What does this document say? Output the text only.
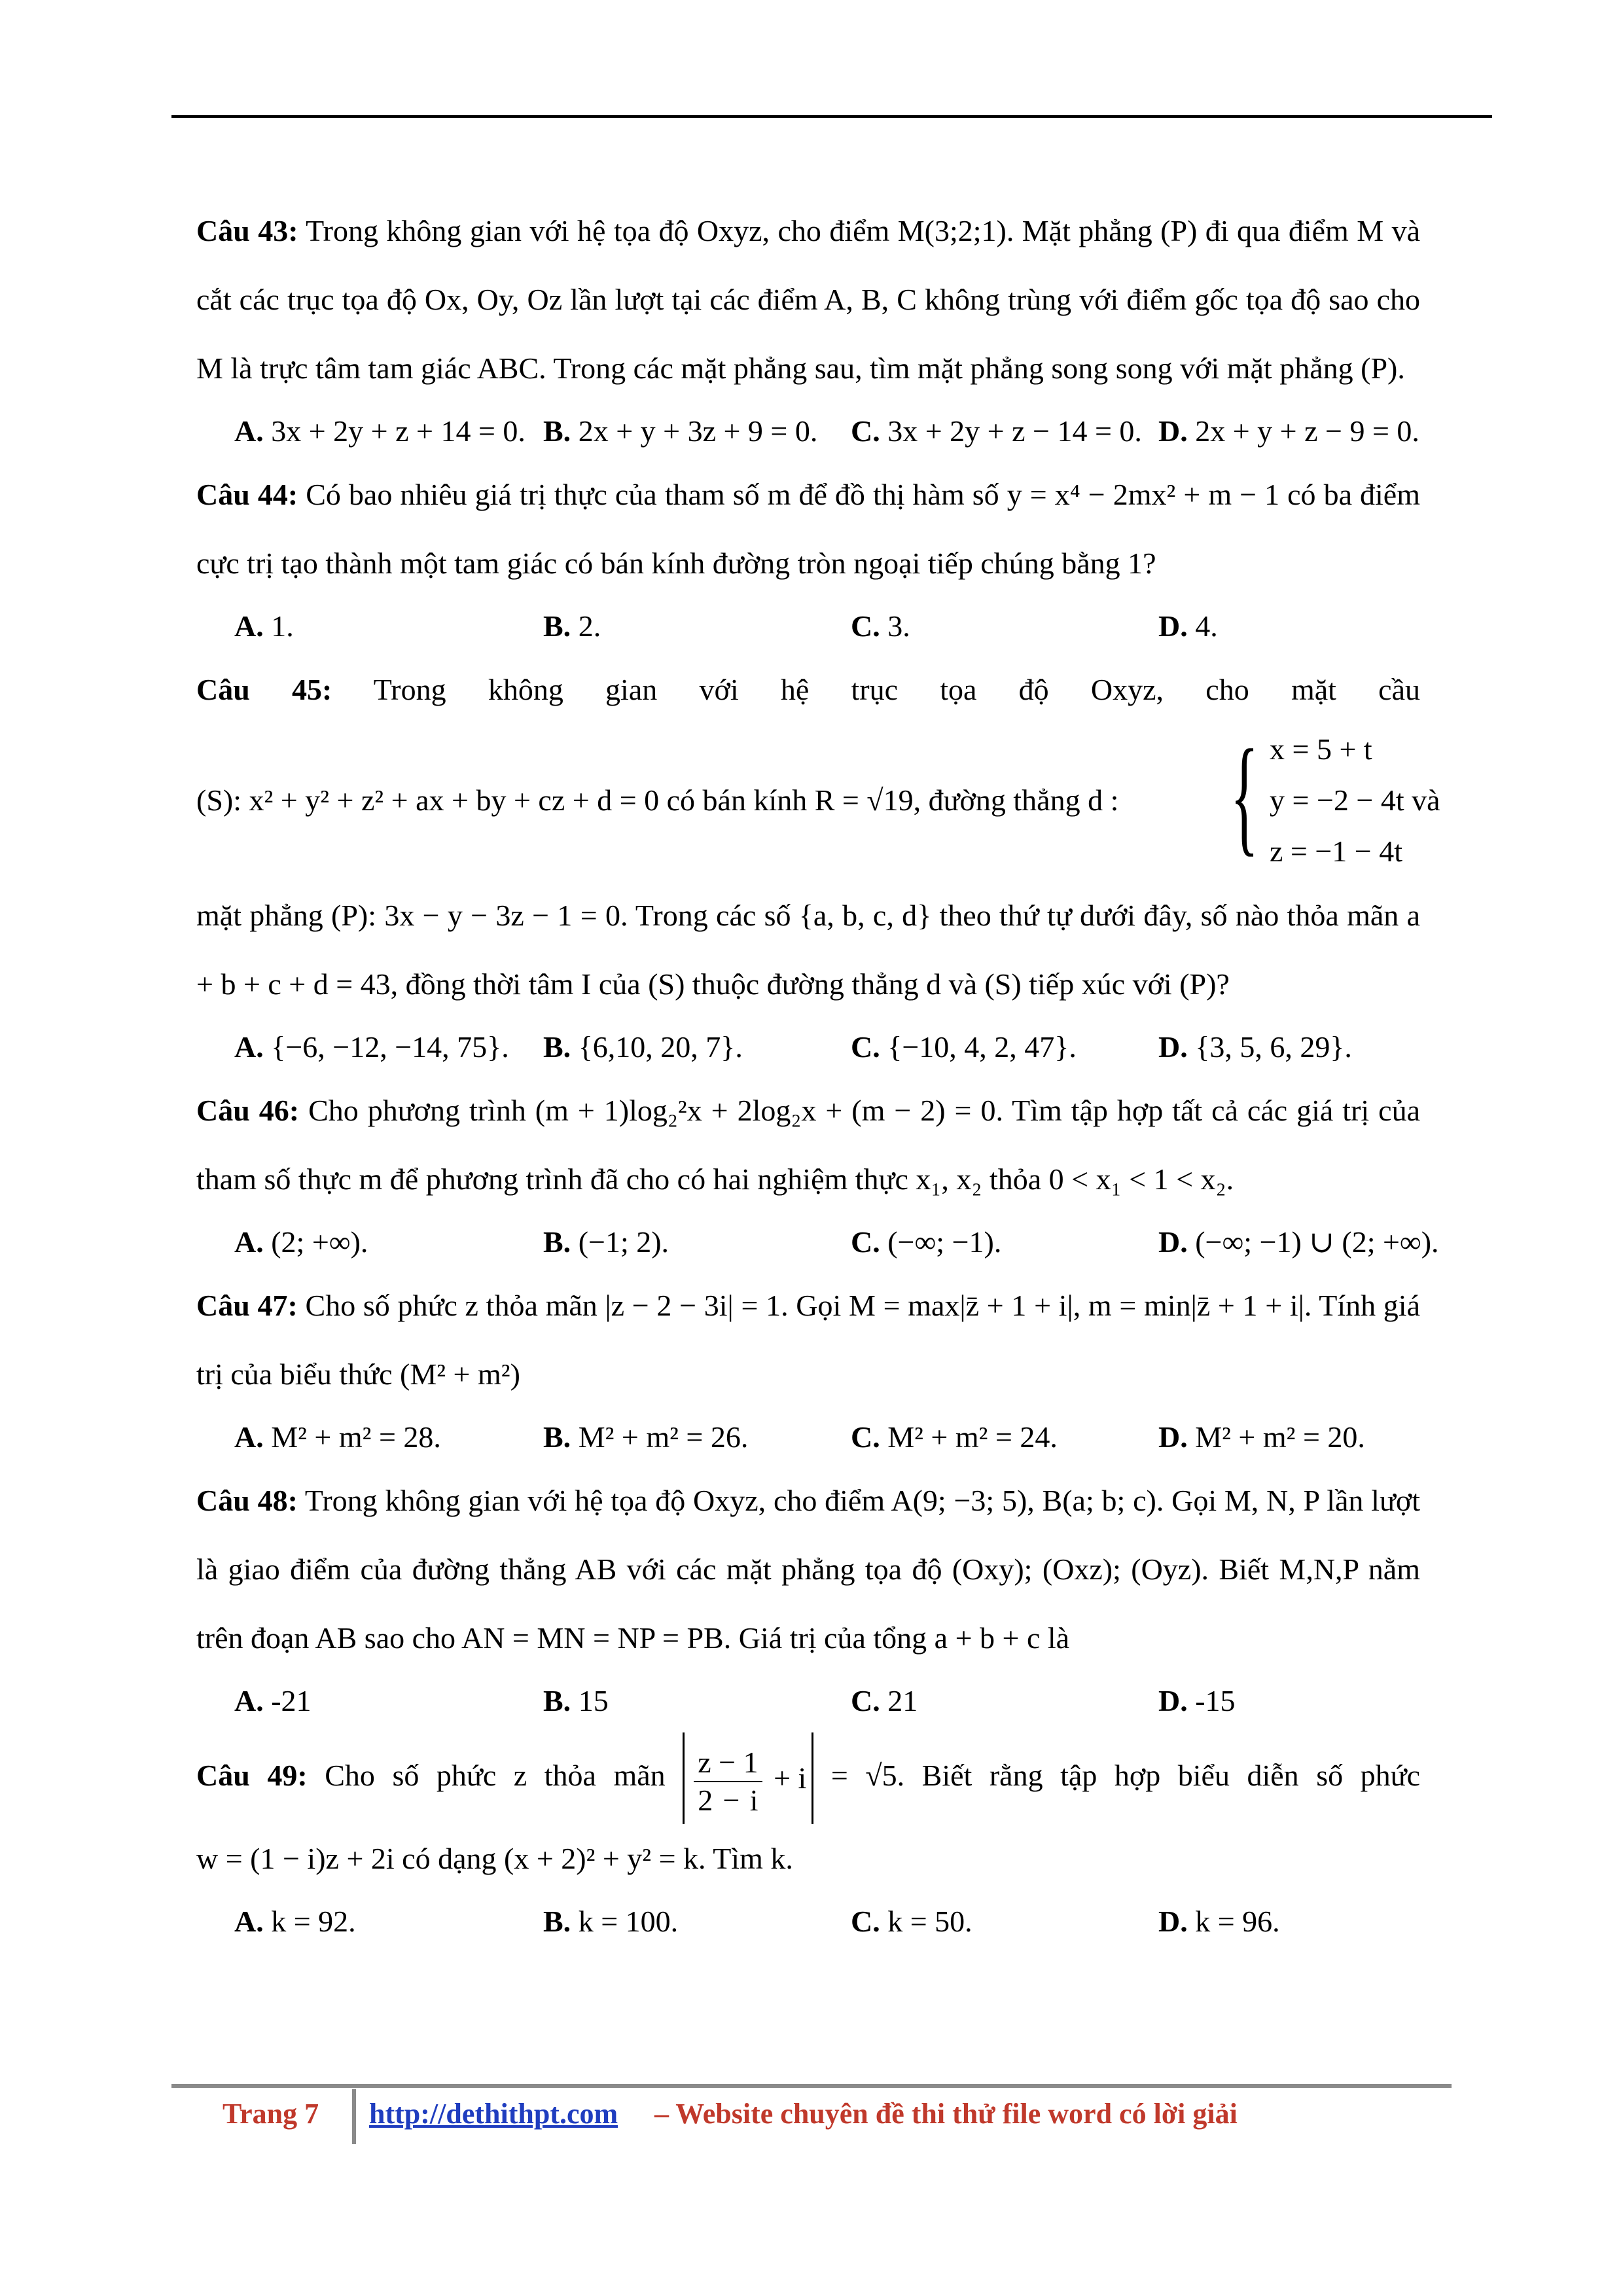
Câu 43: Trong không gian với hệ tọa độ Oxyz, cho điểm M(3;2;1). Mặt phẳng (P) đi qua điểm M và cắt các trục tọa độ Ox, Oy, Oz lần lượt tại các điểm A, B, C không trùng với điểm gốc tọa độ sao cho M là trực tâm tam giác ABC. Trong các mặt phẳng sau, tìm mặt phẳng song song với mặt phẳng (P).

A. 3x + 2y + z + 14 = 0. B. 2x + y + 3z + 9 = 0. C. 3x + 2y + z − 14 = 0. D. 2x + y + z − 9 = 0.

Câu 44: Có bao nhiêu giá trị thực của tham số m để đồ thị hàm số y = x⁴ − 2mx² + m − 1 có ba điểm cực trị tạo thành một tam giác có bán kính đường tròn ngoại tiếp chúng bằng 1?

A. 1.	B. 2.	C. 3.	D. 4.

Câu 45: Trong không gian với hệ trục tọa độ Oxyz, cho mặt cầu

(S): x² + y² + z² + ax + by + cz + d = 0 có bán kính R = √19, đường thẳng d : { x = 5 + t
y = −2 − 4t và
z = −1 − 4t

mặt phẳng (P): 3x − y − 3z − 1 = 0. Trong các số {a, b, c, d} theo thứ tự dưới đây, số nào thỏa mãn a + b + c + d = 43, đồng thời tâm I của (S) thuộc đường thẳng d và (S) tiếp xúc với (P)?

A. {−6, −12, −14, 75}. B. {6,10, 20, 7}.	C. {−10, 4, 2, 47}.	D. {3, 5, 6, 29}.

Câu 46: Cho phương trình (m + 1)log₂²x + 2log₂x + (m − 2) = 0. Tìm tập hợp tất cả các giá trị của tham số thực m để phương trình đã cho có hai nghiệm thực x₁, x₂ thỏa 0 < x₁ < 1 < x₂.

A. (2; +∞).	B. (−1; 2).	C. (−∞; −1).	D. (−∞; −1) ∪ (2; +∞).

Câu 47: Cho số phức z thỏa mãn |z − 2 − 3i| = 1. Gọi M = max|z̄ + 1 + i|, m = min|z̄ + 1 + i|. Tính giá trị của biểu thức (M² + m²)

A. M² + m² = 28.	B. M² + m² = 26.	C. M² + m² = 24.	D. M² + m² = 20.

Câu 48: Trong không gian với hệ tọa độ Oxyz, cho điểm A(9; −3; 5), B(a; b; c). Gọi M, N, P lần lượt là giao điểm của đường thẳng AB với các mặt phẳng tọa độ (Oxy); (Oxz); (Oyz). Biết M,N,P nằm trên đoạn AB sao cho AN = MN = NP = PB. Giá trị của tổng a + b + c là

A. -21	B. 15	C. 21	D. -15

Câu 49: Cho số phức z thỏa mãn $\frac{z - 1}{2 - i} + i = √5$. Biết rằng tập hợp biểu diễn số phức

w = (1 − i)z + 2i có dạng (x + 2)² + y² = k. Tìm k.

A. k = 92.	B. k = 100.	C. k = 50.	D. k = 96.
Trang 7 http://dethithpt.com – Website chuyên đề thi thử file word có lời giải
